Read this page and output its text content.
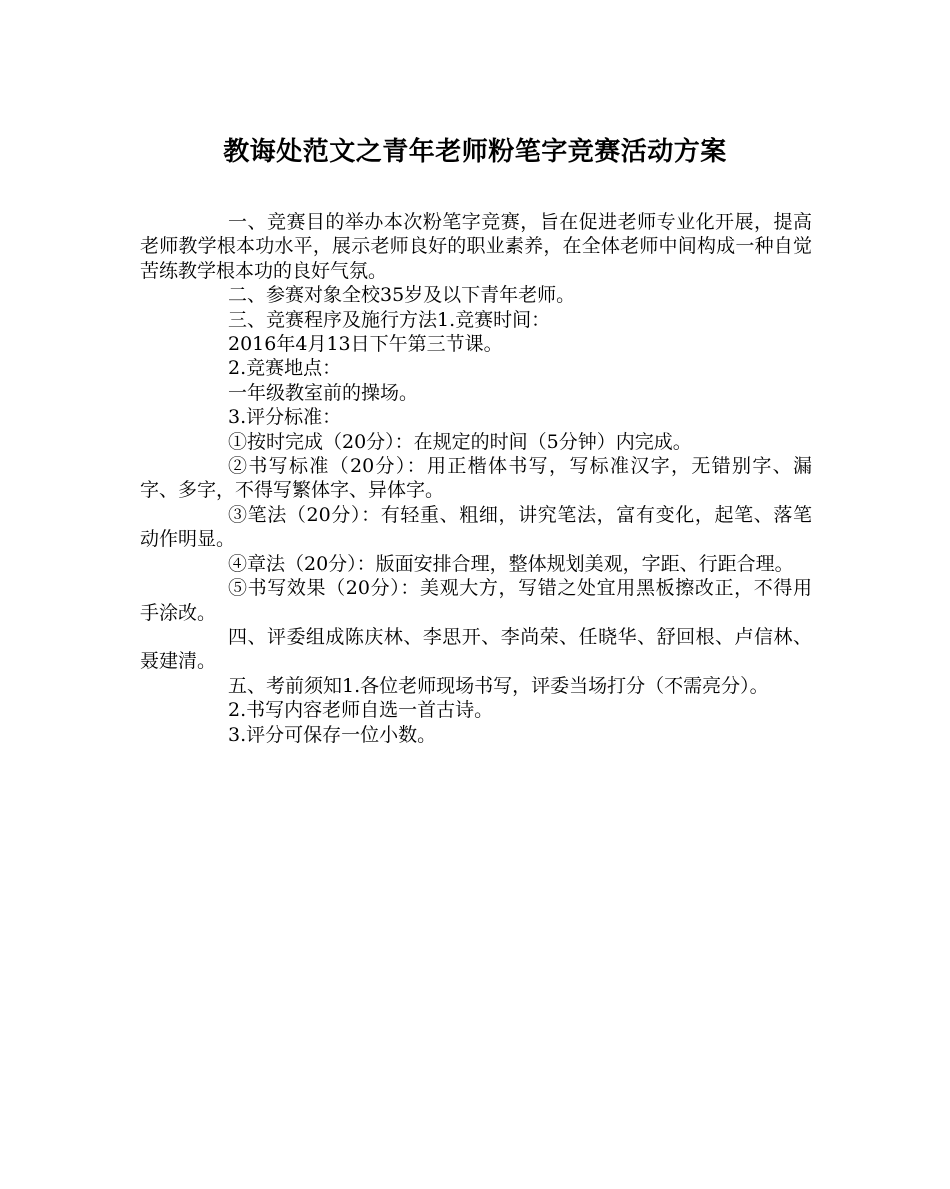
教诲处范文之青年老师粉笔字竞赛活动方案

一、竞赛目的举办本次粉笔字竞赛，旨在促进老师专业化开展，提高老师教学根本功水平，展示老师良好的职业素养，在全体老师中间构成一种自觉苦练教学根本功的良好气氛。

二、参赛对象全校35岁及以下青年老师。

三、竞赛程序及施行方法1.竞赛时间：

2016年4月13日下午第三节课。

2.竞赛地点：

一年级教室前的操场。

3.评分标准：

①按时完成（20分）：在规定的时间（5分钟）内完成。

②书写标准（20分）：用正楷体书写，写标准汉字，无错别字、漏字、多字，不得写繁体字、异体字。

③笔法（20分）：有轻重、粗细，讲究笔法，富有变化，起笔、落笔动作明显。

④章法（20分）：版面安排合理，整体规划美观，字距、行距合理。

⑤书写效果（20分）：美观大方，写错之处宜用黑板擦改正，不得用手涂改。

四、评委组成陈庆林、李思开、李尚荣、任晓华、舒回根、卢信林、聂建清。

五、考前须知1.各位老师现场书写，评委当场打分（不需亮分）。

2.书写内容老师自选一首古诗。

3.评分可保存一位小数。
